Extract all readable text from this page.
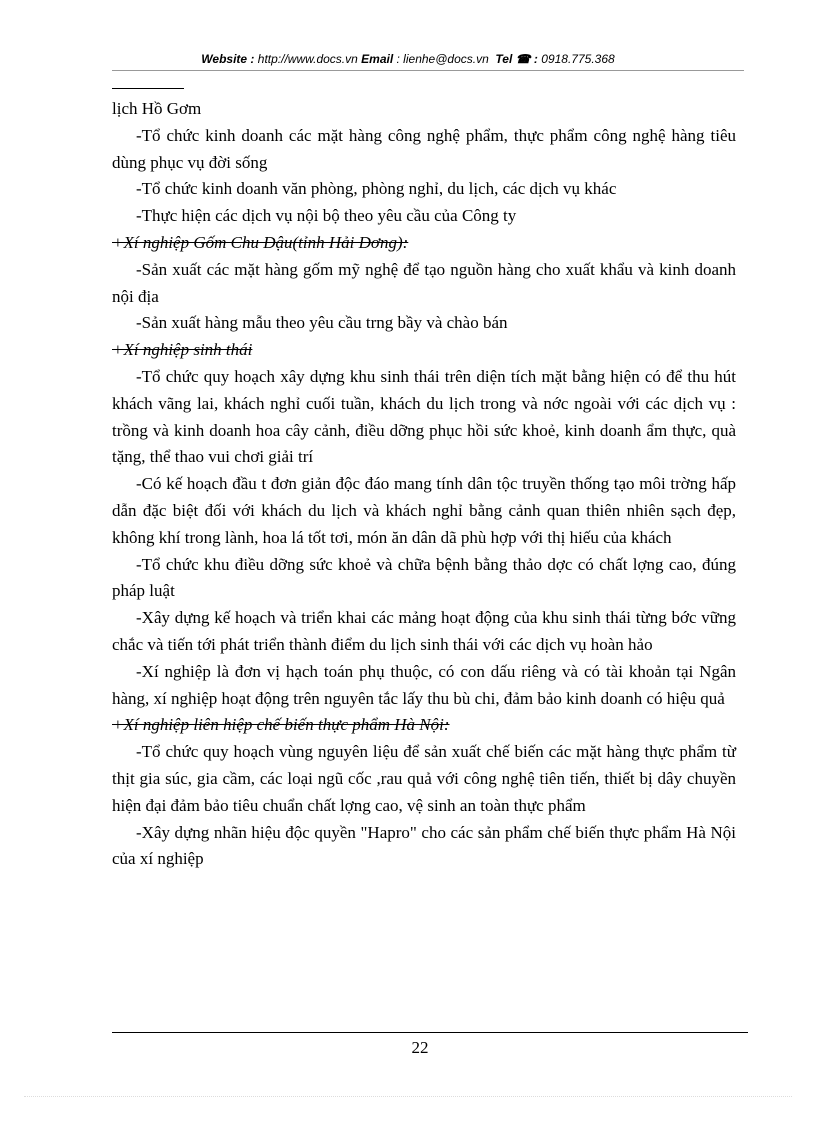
Website : http://www.docs.vn Email : lienhe@docs.vn Tel ☎ : 0918.775.368

lịch Hồ Gơm

-Tổ chức kinh doanh các mặt hàng công nghệ phẩm, thực phẩm công nghệ hàng tiêu dùng phục vụ đời sống

-Tổ chức kinh doanh văn phòng, phòng nghỉ, du lịch, các dịch vụ khác

-Thực hiện các dịch vụ nội bộ theo yêu cầu của Công ty

+Xí nghiệp Gốm Chu Đậu(tỉnh Hải Dơng):

-Sản xuất các mặt hàng gốm mỹ nghệ để tạo nguồn hàng cho xuất khẩu và kinh doanh nội địa

-Sản xuất hàng mẫu theo yêu cầu trng bầy và chào bán

+Xí nghiệp sinh thái

-Tổ chức quy hoạch xây dựng khu sinh thái trên diện tích mặt bằng hiện có để thu hút khách vãng lai, khách nghỉ cuối tuần, khách du lịch trong và nớc ngoài với các dịch vụ : trồng và kinh doanh hoa cây cảnh, điều dỡng phục hồi sức khoẻ, kinh doanh ẩm thực, quà tặng, thể thao vui chơi giải trí

-Có kế hoạch đầu t đơn giản độc đáo mang tính dân tộc truyền thống tạo môi trờng hấp dẫn đặc biệt đối với khách du lịch và khách nghỉ bằng cảnh quan thiên nhiên sạch đẹp, không khí trong lành, hoa lá tốt tơi, món ăn dân dã phù hợp với thị hiếu của khách

-Tổ chức khu điều dỡng sức khoẻ và chữa bệnh bằng thảo dợc có chất lợng cao, đúng pháp luật

-Xây dựng kế hoạch và triển khai các mảng hoạt động của khu sinh thái từng bớc vững chắc và tiến tới phát triển thành điểm du lịch sinh thái với các dịch vụ hoàn hảo

-Xí nghiệp là đơn vị hạch toán phụ thuộc, có con dấu riêng và có tài khoản tại Ngân hàng, xí nghiệp hoạt động trên nguyên tắc lấy thu bù chi, đảm bảo kinh doanh có hiệu quả

+Xí nghiệp liên hiệp chế biến thực phẩm Hà Nội:

-Tổ chức quy hoạch vùng nguyên liệu để sản xuất chế biến các mặt hàng thực phẩm từ thịt gia súc, gia cầm, các loại ngũ cốc ,rau quả với công nghệ tiên tiến, thiết bị dây chuyền hiện đại đảm bảo tiêu chuẩn chất lợng cao, vệ sinh an toàn thực phẩm

-Xây dựng nhãn hiệu độc quyền "Hapro" cho các sản phẩm chế biến thực phẩm Hà Nội của xí nghiệp

22
